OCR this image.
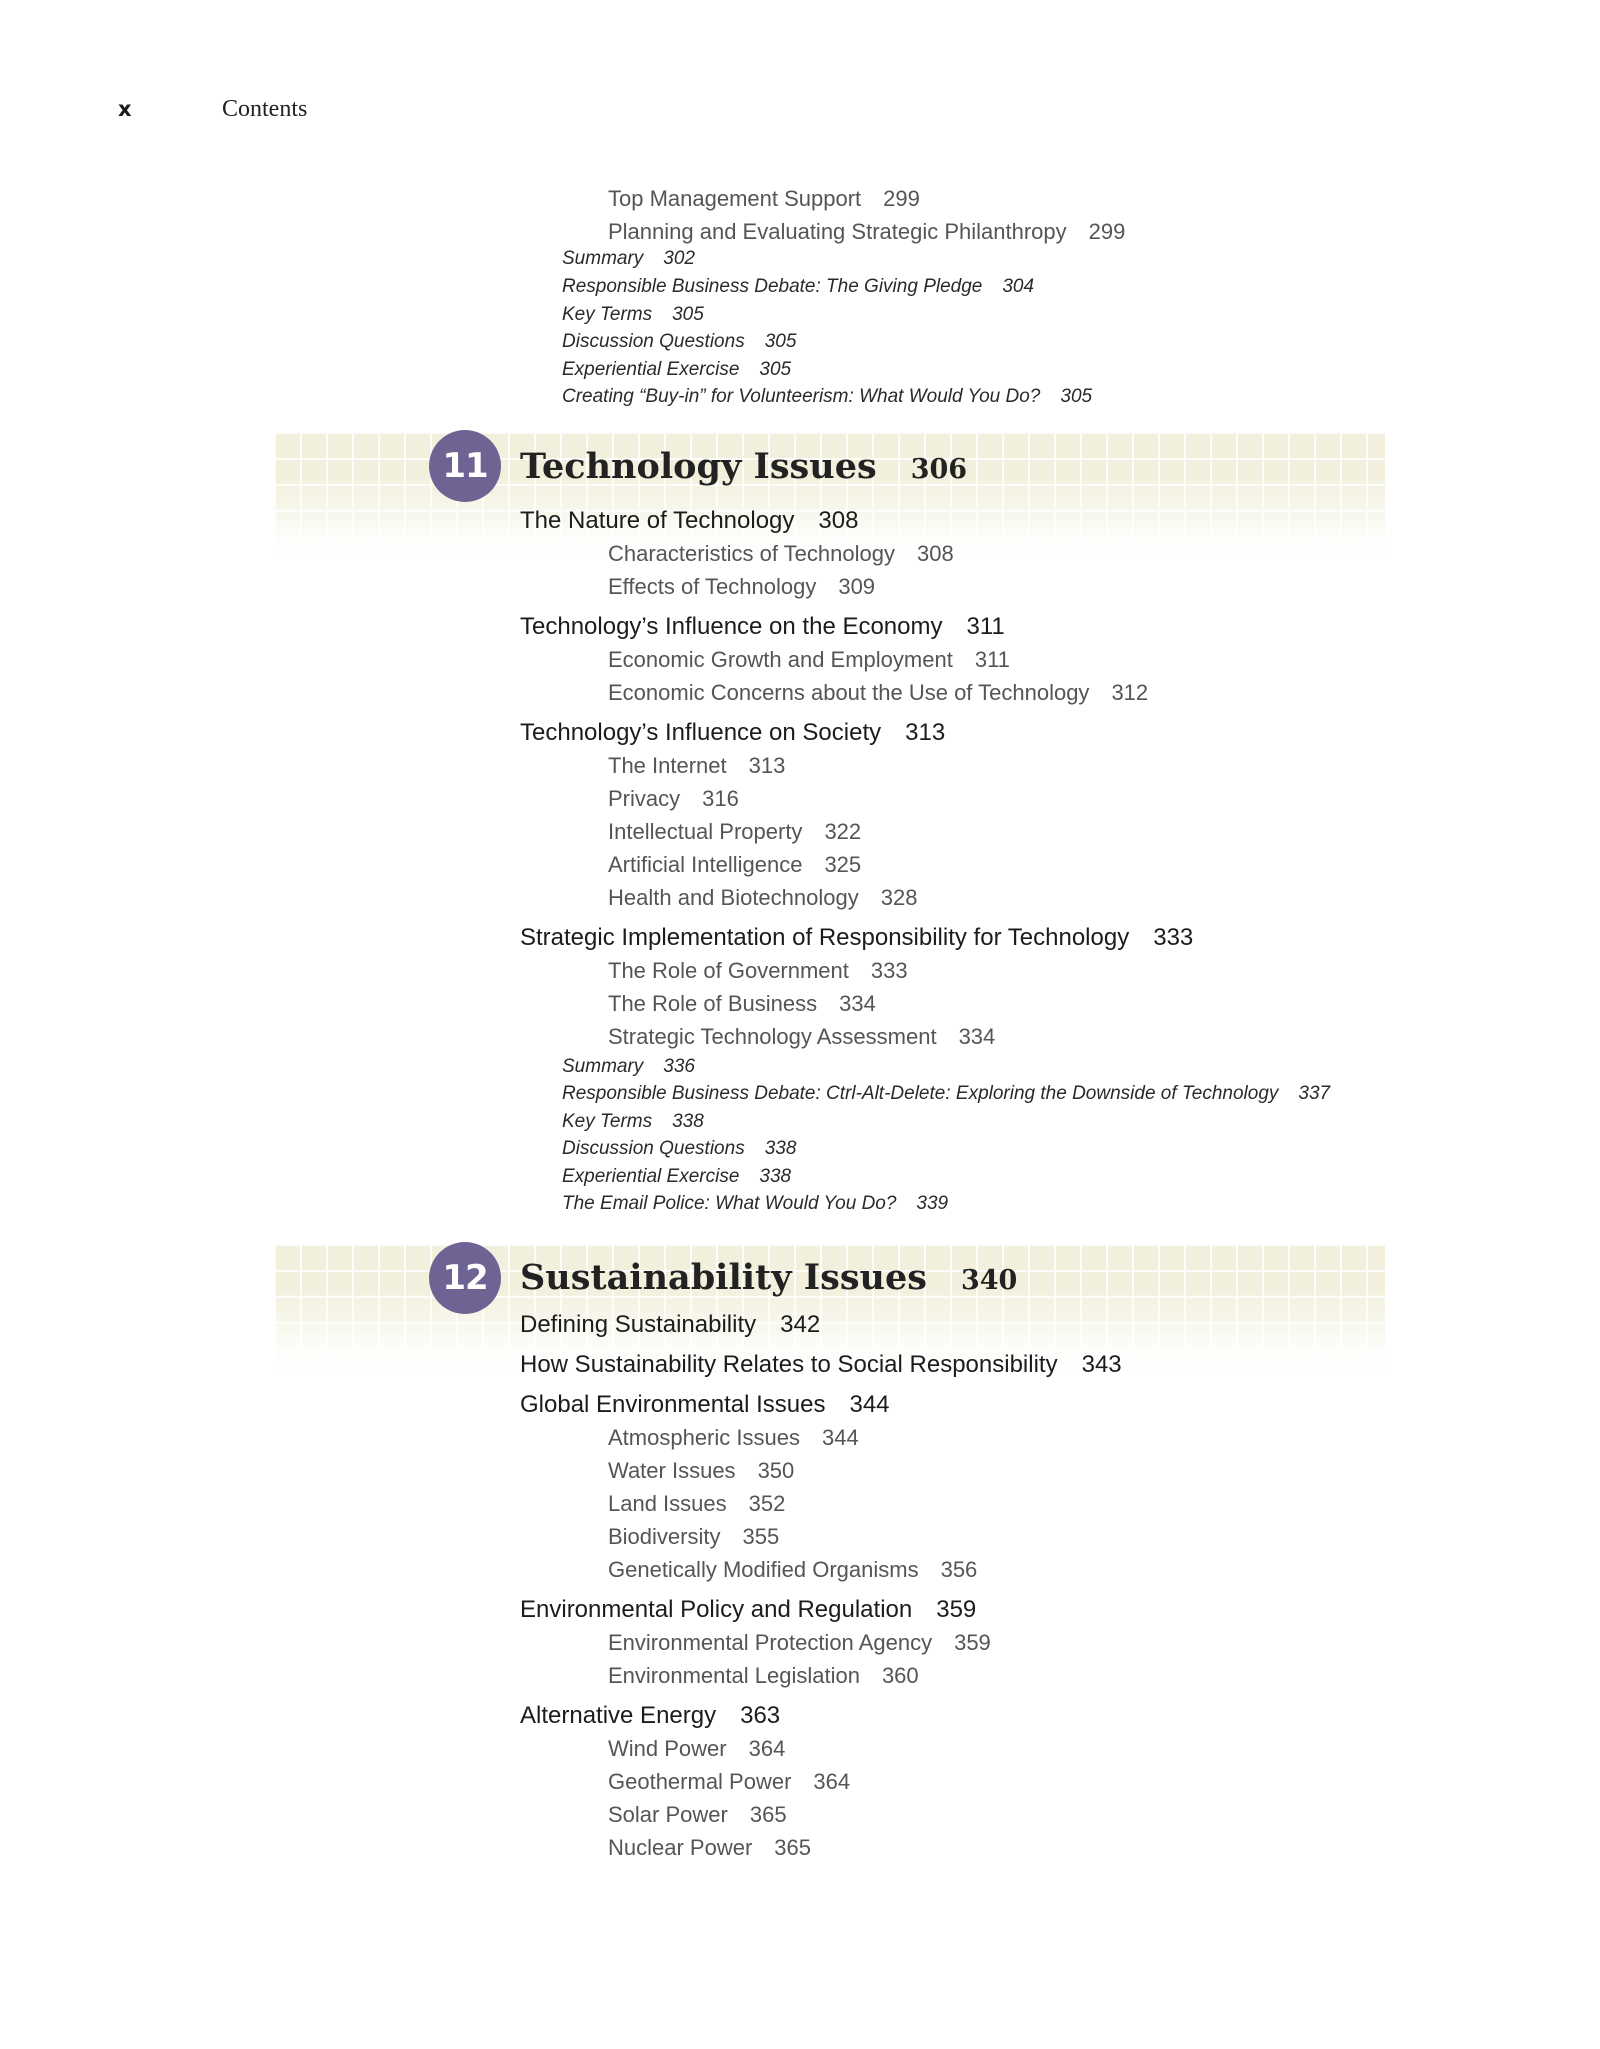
x	Contents
Top Management Support 299
Planning and Evaluating Strategic Philanthropy 299
Summary 302
Responsible Business Debate: The Giving Pledge 304
Key Terms 305
Discussion Questions 305
Experiential Exercise 305
Creating “Buy-in” for Volunteerism: What Would You Do? 305
11 Technology Issues 306
The Nature of Technology 308
Characteristics of Technology 308
Effects of Technology 309
Technology’s Influence on the Economy 311
Economic Growth and Employment 311
Economic Concerns about the Use of Technology 312
Technology’s Influence on Society 313
The Internet 313
Privacy 316
Intellectual Property 322
Artificial Intelligence 325
Health and Biotechnology 328
Strategic Implementation of Responsibility for Technology 333
The Role of Government 333
The Role of Business 334
Strategic Technology Assessment 334
Summary 336
Responsible Business Debate: Ctrl-Alt-Delete: Exploring the Downside of Technology 337
Key Terms 338
Discussion Questions 338
Experiential Exercise 338
The Email Police: What Would You Do? 339
12 Sustainability Issues 340
Defining Sustainability 342
How Sustainability Relates to Social Responsibility 343
Global Environmental Issues 344
Atmospheric Issues 344
Water Issues 350
Land Issues 352
Biodiversity 355
Genetically Modified Organisms 356
Environmental Policy and Regulation 359
Environmental Protection Agency 359
Environmental Legislation 360
Alternative Energy 363
Wind Power 364
Geothermal Power 364
Solar Power 365
Nuclear Power 365
